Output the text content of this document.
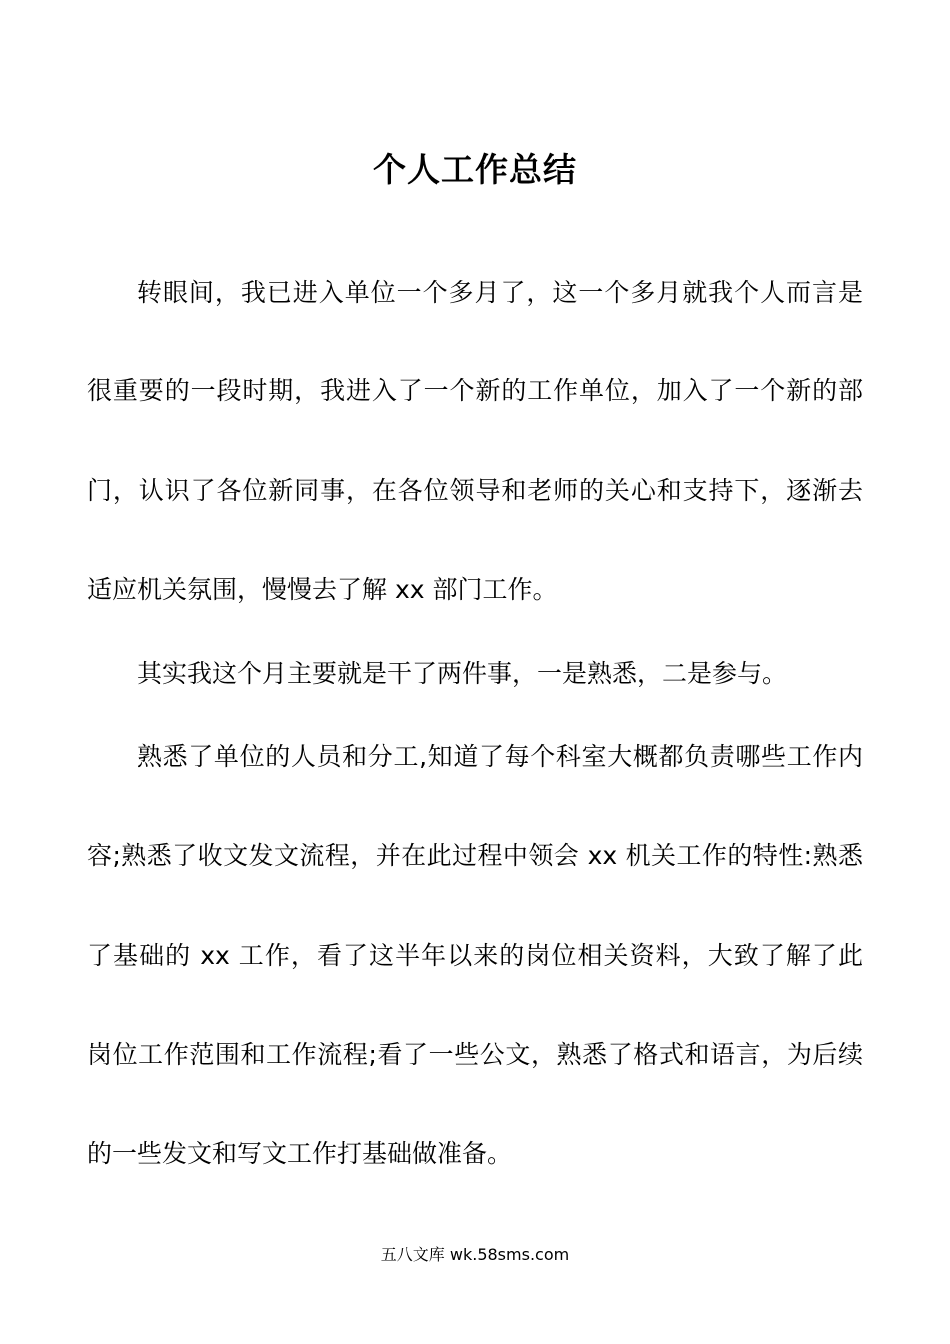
个人工作总结
转眼间，我已进入单位一个多月了，这一个多月就我个人而言是
很重要的一段时期，我进入了一个新的工作单位，加入了一个新的部
门，认识了各位新同事，在各位领导和老师的关心和支持下，逐渐去
适应机关氛围，慢慢去了解 xx 部门工作。
其实我这个月主要就是干了两件事，一是熟悉，二是参与。
熟悉了单位的人员和分工,知道了每个科室大概都负责哪些工作内
容;熟悉了收文发文流程，并在此过程中领会 xx 机关工作的特性:熟悉
了基础的 xx 工作，看了这半年以来的岗位相关资料，大致了解了此
岗位工作范围和工作流程;看了一些公文，熟悉了格式和语言，为后续
的一些发文和写文工作打基础做准备。
五八文库 wk.58sms.com
